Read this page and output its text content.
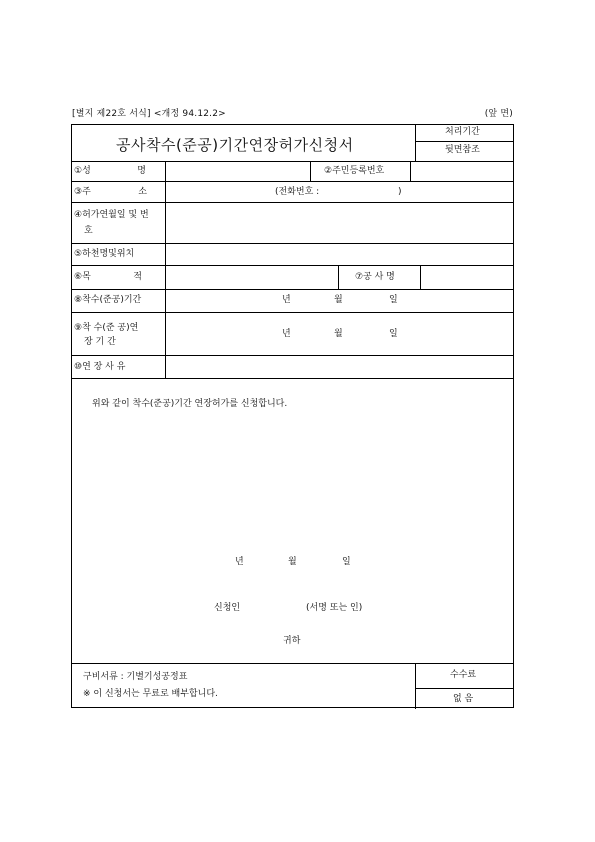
[별지 제22호 서식] <개정 94.12.2>	(앞 면)
공사착수(준공)기간연장허가신청서
처리기간
뒷면참조
①성	명	②주민등록번호
③주	소	(전화번호 :	)
④허가연월일 및 번
호
⑤하천명및위치
⑥목	적	⑦공 사 명
⑧착수(준공)기간	년	월	일
⑨착 수(준 공)연
장 기 간
년	월	일
⑩연 장 사 유
위와 같이 착수(준공)기간 연장허가를 신청합니다.
년	월	일
신청인	(서명 또는 인)
귀하
구비서류 : 기별기성공정표
※ 이 신청서는 무료로 배부합니다.
수수료
없 음
